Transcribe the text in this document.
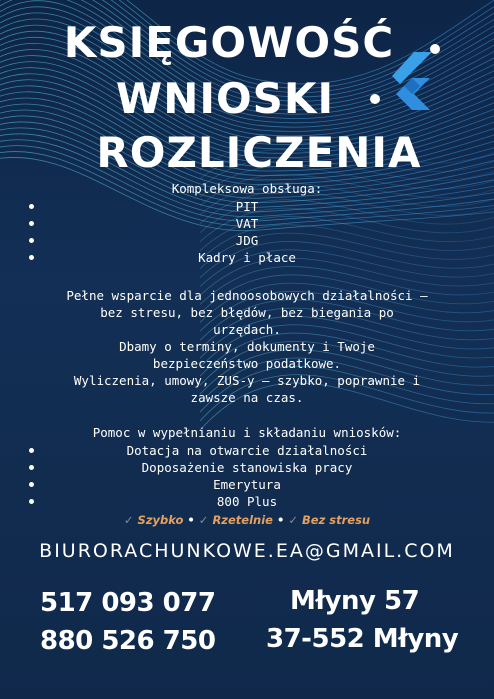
KSIĘGOWOŚĆ
WNIOSKI
ROZLICZENIA
Kompleksowa obsługa:
PIT
VAT
JDG
Kadry i płace
Pełne wsparcie dla jednoosobowych działalności –
bez stresu, bez błędów, bez biegania po
urzędach.
Dbamy o terminy, dokumenty i Twoje
bezpieczeństwo podatkowe.
Wyliczenia, umowy, ZUS-y – szybko, poprawnie i
zawsze na czas.
Pomoc w wypełnianiu i składaniu wniosków:
Dotacja na otwarcie działalności
Doposażenie stanowiska pracy
Emerytura
800 Plus
✓ Szybko • ✓ Rzetelnie • ✓ Bez stresu
BIURORACHUNKOWE.EA@GMAIL.COM
517 093 077
880 526 750
Młyny 57
37-552 Młyny
